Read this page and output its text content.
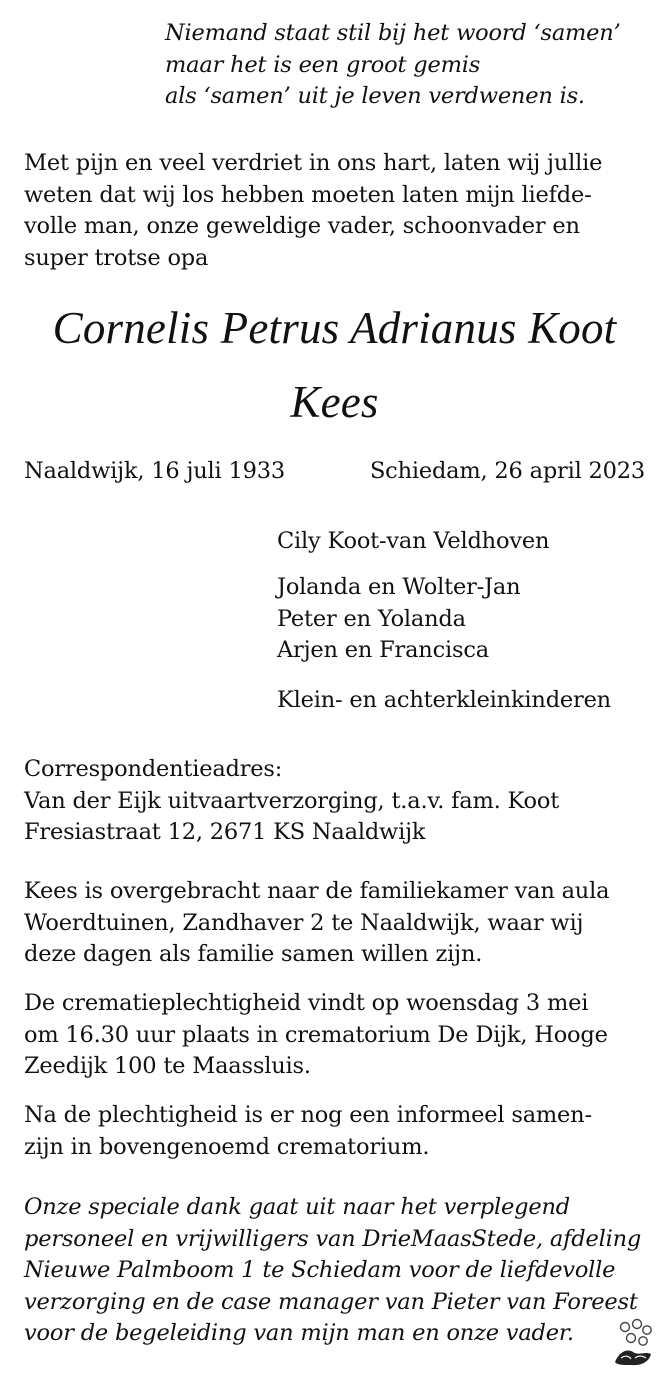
Niemand staat stil bij het woord ‘samen’
maar het is een groot gemis
als ‘samen’ uit je leven verdwenen is.
Met pijn en veel verdriet in ons hart, laten wij jullie
weten dat wij los hebben moeten laten mijn liefde-
volle man, onze geweldige vader, schoonvader en
super trotse opa
Cornelis Petrus Adrianus Koot
Kees
Naaldwijk, 16 juli 1933	Schiedam, 26 april 2023
Cily Koot-van Veldhoven
Jolanda en Wolter-Jan
Peter en Yolanda
Arjen en Francisca
Klein- en achterkleinkinderen
Correspondentieadres:
Van der Eijk uitvaartverzorging, t.a.v. fam. Koot
Fresiastraat 12, 2671 KS Naaldwijk
Kees is overgebracht naar de familiekamer van aula
Woerdtuinen, Zandhaver 2 te Naaldwijk, waar wij
deze dagen als familie samen willen zijn.
De crematieplechtigheid vindt op woensdag 3 mei
om 16.30 uur plaats in crematorium De Dijk, Hooge
Zeedijk 100 te Maassluis.
Na de plechtigheid is er nog een informeel samen-
zijn in bovengenoemd crematorium.
Onze speciale dank gaat uit naar het verplegend
personeel en vrijwilligers van DrieMaasStede, afdeling
Nieuwe Palmboom 1 te Schiedam voor de liefdevolle
verzorging en de case manager van Pieter van Foreest
voor de begeleiding van mijn man en onze vader.
